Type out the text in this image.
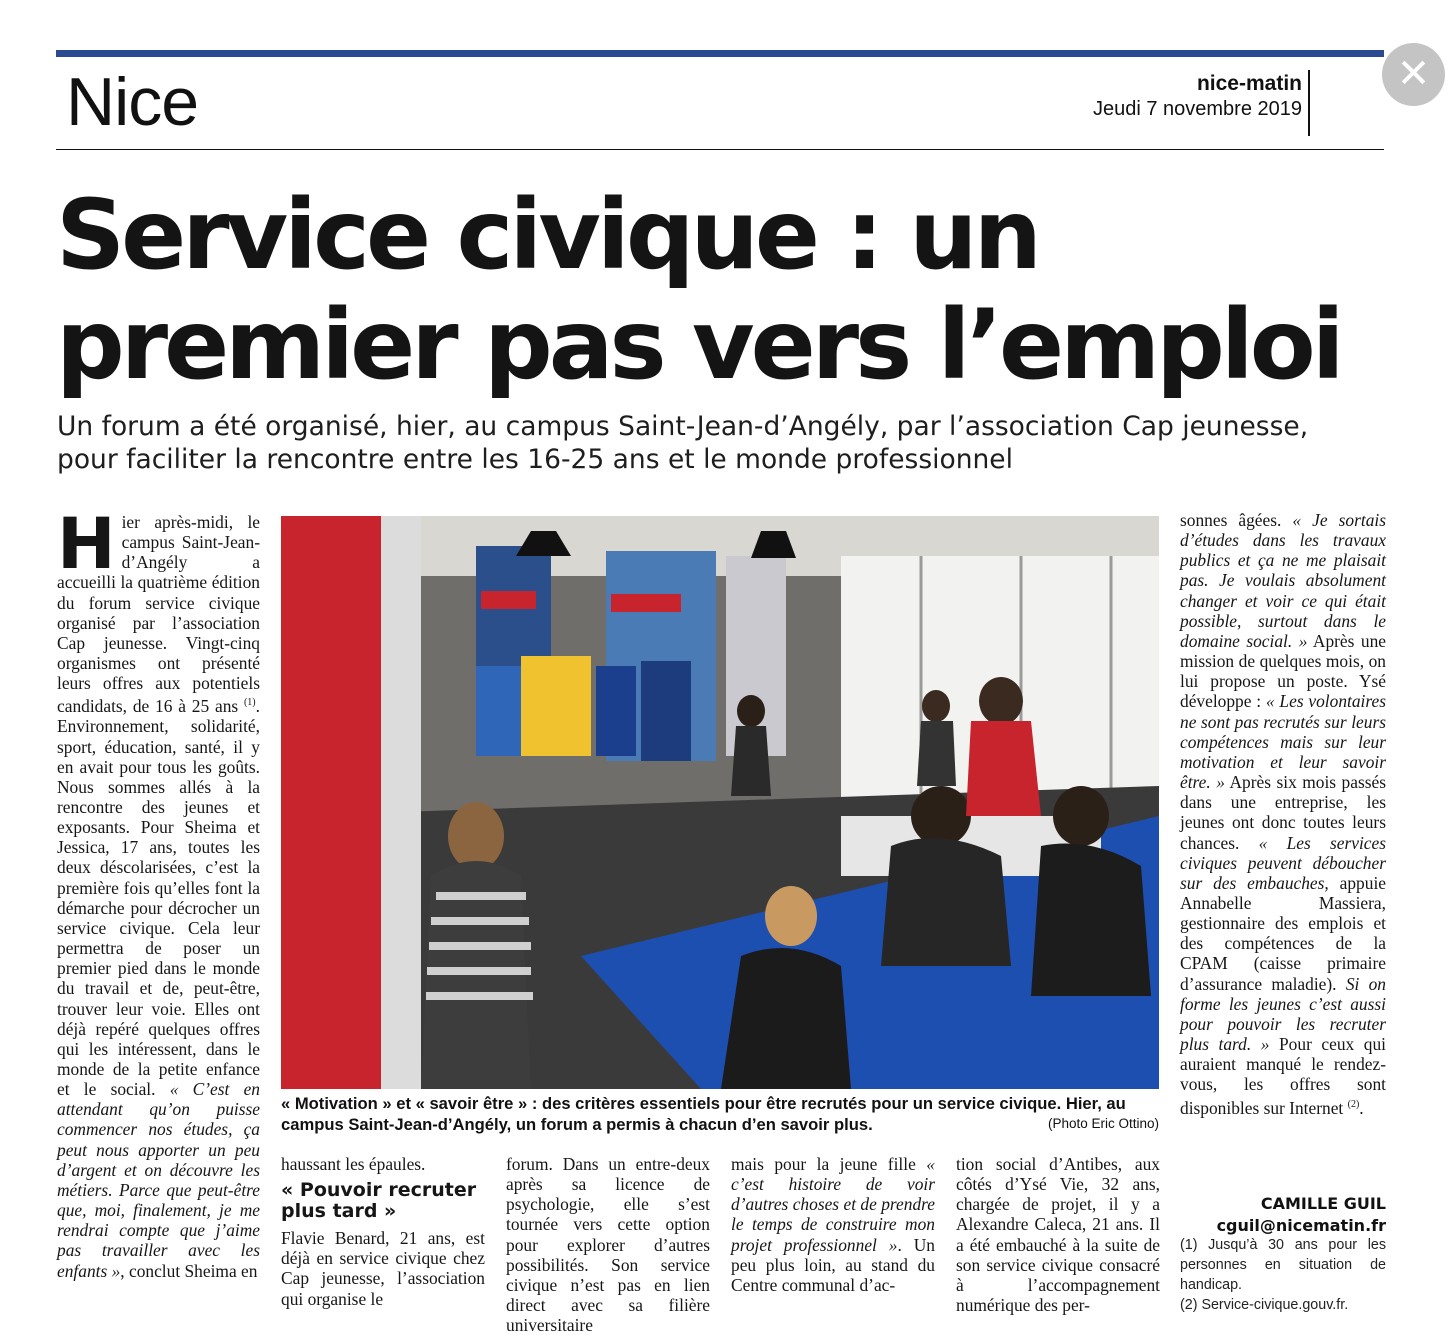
✕
Nice	nice-matin
Jeudi 7 novembre 2019
Service civique : un
premier pas vers l’emploi

Un forum a été organisé, hier, au campus Saint-Jean-d’Angély, par l’association Cap jeunesse,
pour faciliter la rencontre entre les 16-25 ans et le monde professionnel

Hier après-midi, le campus Saint-Jean-d’Angély a accueilli la quatrième édition du forum service civique organisé par l’association Cap jeunesse. Vingt-cinq organismes ont présenté leurs offres aux potentiels candidats, de 16 à 25 ans $^{(1)}$. Environnement, solidarité, sport, éducation, santé, il y en avait pour tous les goûts. Nous sommes allés à la rencontre des jeunes et exposants. Pour Sheima et Jessica, 17 ans, toutes les deux déscolarisées, c’est la première fois qu’elles font la démarche pour décrocher un service civique. Cela leur permettra de poser un premier pied dans le monde du travail et de, peut-être, trouver leur voie. Elles ont déjà repéré quelques offres qui les intéressent, dans le monde de la petite enfance et le social. « C’est en attendant qu’on puisse commencer nos études, ça peut nous apporter un peu d’argent et on découvre les métiers. Parce que peut-être que, moi, finalement, je me rendrai compte que j’aime pas travailler avec les enfants », conclut Sheima en

« Motivation » et « savoir être » : des critères essentiels pour être recrutés pour un service civique. Hier, au campus Saint-Jean-d’Angély, un forum a permis à chacun d’en savoir plus.	(Photo Eric Ottino)
haussant les épaules.
« Pouvoir recruter plus tard »
Flavie Benard, 21 ans, est déjà en service civique chez Cap jeunesse, l’association qui organise le

forum. Dans un entre-deux après sa licence de psychologie, elle s’est tournée vers cette option pour explorer d’autres possibilités. Son service civique n’est pas en lien direct avec sa filière universitaire

mais pour la jeune fille « c’est histoire de voir d’autres choses et de prendre le temps de construire mon projet professionnel ». Un peu plus loin, au stand du Centre communal d’ac-

tion social d’Antibes, aux côtés d’Ysé Vie, 32 ans, chargée de projet, il y a Alexandre Caleca, 21 ans. Il a été embauché à la suite de son service civique consacré à l’accompagnement numérique des per-

sonnes âgées. « Je sortais d’études dans les travaux publics et ça ne me plaisait pas. Je voulais absolument changer et voir ce qui était possible, surtout dans le domaine social. » Après une mission de quelques mois, on lui propose un poste. Ysé développe : « Les volontaires ne sont pas recrutés sur leurs compétences mais sur leur motivation et leur savoir être. » Après six mois passés dans une entreprise, les jeunes ont donc toutes leurs chances. « Les services civiques peuvent déboucher sur des embauches, appuie Annabelle Massiera, gestionnaire des emplois et des compétences de la CPAM (caisse primaire d’assurance maladie). Si on forme les jeunes c’est aussi pour pouvoir les recruter plus tard. » Pour ceux qui auraient manqué le rendez-vous, les offres sont disponibles sur Internet $^{(2)}$.

CAMILLE GUIL
cguil@nicematin.fr

(1) Jusqu’à 30 ans pour les personnes en situation de handicap.

(2) Service-civique.gouv.fr.
